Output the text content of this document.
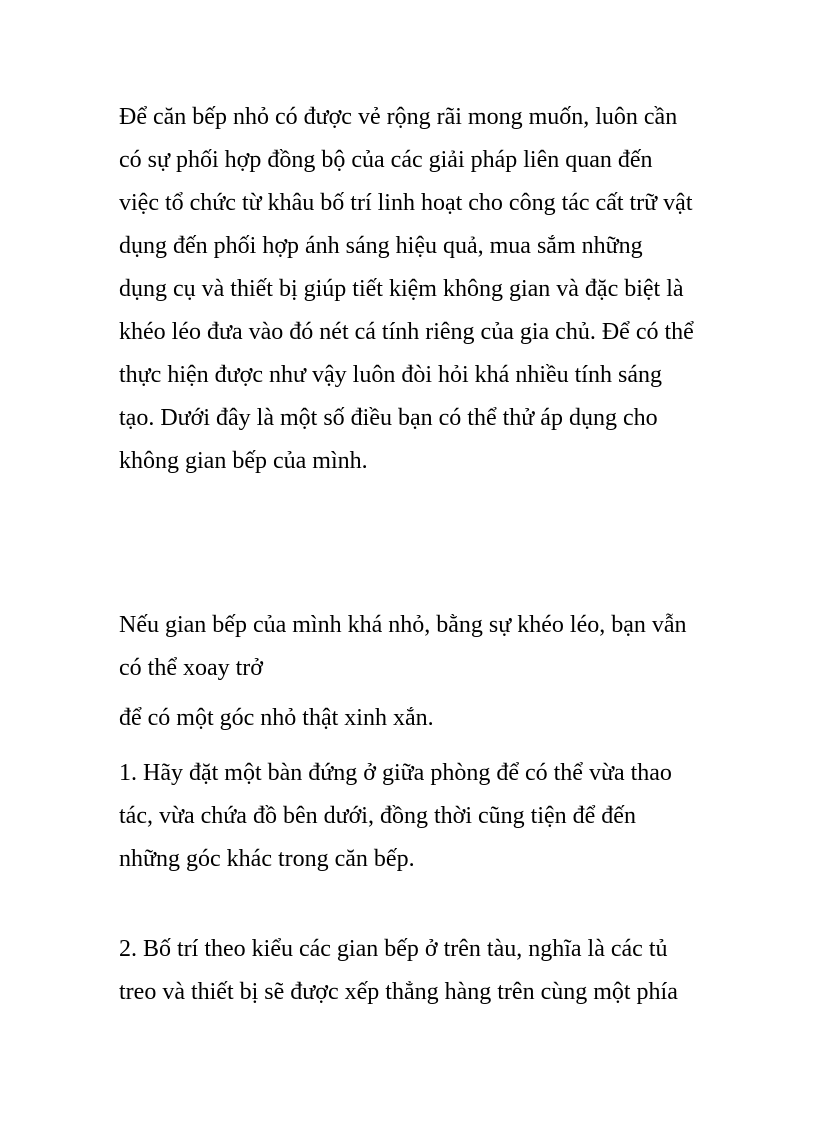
Để căn bếp nhỏ có được vẻ rộng rãi mong muốn, luôn cần
có sự phối hợp đồng bộ của các giải pháp liên quan đến
việc tổ chức từ khâu bố trí linh hoạt cho công tác cất trữ vật
dụng đến phối hợp ánh sáng hiệu quả, mua sắm những
dụng cụ và thiết bị giúp tiết kiệm không gian và đặc biệt là
khéo léo đưa vào đó nét cá tính riêng của gia chủ. Để có thể
thực hiện được như vậy luôn đòi hỏi khá nhiều tính sáng
tạo. Dưới đây là một số điều bạn có thể thử áp dụng cho
không gian bếp của mình.
Nếu gian bếp của mình khá nhỏ, bằng sự khéo léo, bạn vẫn
có thể xoay trở
để có một góc nhỏ thật xinh xắn.
1. Hãy đặt một bàn đứng ở giữa phòng để có thể vừa thao
tác, vừa chứa đồ bên dưới, đồng thời cũng tiện để đến
những góc khác trong căn bếp.
2. Bố trí theo kiểu các gian bếp ở trên tàu, nghĩa là các tủ
treo và thiết bị sẽ được xếp thẳng hàng trên cùng một phía
